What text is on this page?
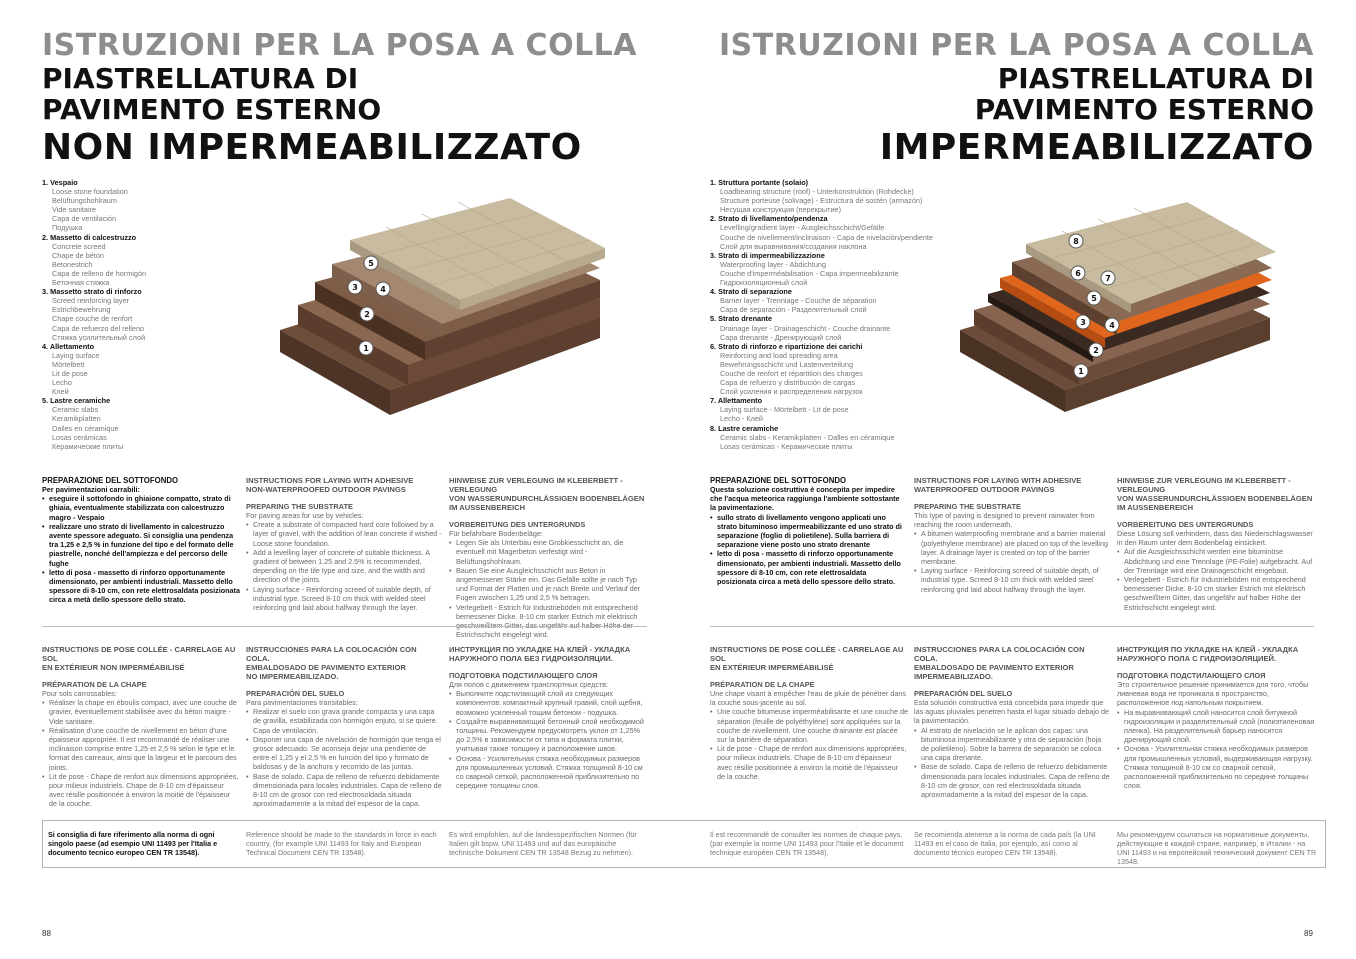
ISTRUZIONI PER LA POSA A COLLA
PIASTRELLATURA DI
PAVIMENTO ESTERNO
NON IMPERMEABILIZZATO
1. Vespaio
Loose stone foundation
Belüftungshohlraum
Vide sanitaire
Capa de ventilación
Подушка
2. Massetto di calcestruzzo
Concrete screed
Chape de béton
Betonestrich
Capa de relleno de hormigón
Бетонная стяжка
3. Massetto strato di rinforzo
Screed reinforcing layer
Estrichbewehrung
Chape couche de renfort
Capa de refuerzo del relleno
Стяжка усилительный слой
4. Allettamento
Laying surface
Mörtelbett
Lit de pose
Lecho
Клей
5. Lastre ceramiche
Ceramic slabs
Keramikplatten
Dalles en céramique
Losas cerámicas
Керамические плиты
5
3	4
2
1
PREPARAZIONE DEL SOTTOFONDO

Per pavimentazioni carrabili:

• eseguire il sottofondo in ghiaione compatto, strato di ghiaia, eventualmente stabilizzata con calcestruzzo magro - Vespaio
• realizzare uno strato di livellamento in calcestruzzo avente spessore adeguato. Si consiglia una pendenza tra 1,25 e 2,5 % in funzione del tipo e del formato delle piastrelle, nonché dell'ampiezza e del percorso delle fughe
• letto di posa - massetto di rinforzo opportunamente dimensionato, per ambienti industriali. Massetto dello spessore di 8-10 cm, con rete elettrosaldata posizionata circa a metà dello spessore dello strato.
INSTRUCTIONS FOR LAYING WITH ADHESIVE
NON-WATERPROOFED OUTDOOR PAVINGS
PREPARING THE SUBSTRATE

For paving areas for use by vehicles:

• Create a substrate of compacted hard core followed by a layer of gravel, with the addition of lean concrete if wished - Loose stone foundation.
• Add a levelling layer of concrete of suitable thickness. A gradient of between 1.25 and 2.5% is recommended, depending on the tile type and size, and the width and direction of the joints.
• Laying surface - Reinforcing screed of suitable depth, of industrial type. Screed 8-10 cm thick with welded steel reinforcing grid laid about halfway through the layer.
HINWEISE ZUR VERLEGUNG IM KLEBERBETT - VERLEGUNG
VON WASSERUNDURCHLÄSSIGEN BODENBELÄGEN
IM AUSSENBEREICH
VORBEREITUNG DES UNTERGRUNDS

Für befahrbare Bodenbeläge:

• Legen Sie als Unterbau eine Grobkiesschicht an, die eventuell mit Magerbeton verfestigt wird - Belüftungshohlraum.
• Bauen Sie eine Ausgleichsschicht aus Beton in angemessener Stärke ein. Das Gefälle sollte je nach Typ und Format der Platten und je nach Breite und Verlauf der Fugen zwischen 1,25 und 2,5 % betragen.
• Verlegebett - Estrich für Industrieböden mit entsprechend bemessener Dicke. 8-10 cm starker Estrich mit elektrisch geschweißtem Gitter, das ungefähr auf halber Höhe der Estrichschicht eingelegt wird.
INSTRUCTIONS DE POSE COLLÉE - CARRELAGE AU SOL
EN EXTÉRIEUR NON IMPERMÉABILISÉ
PRÉPARATION DE LA CHAPE

Pour sols carrossables:

• Réaliser la chape en éboulis compact, avec une couche de gravier, éventuellement stabilisée avec du béton maigre - Vide sanitaire.
• Réalisation d'une couche de nivellement en béton d'une épaisseur appropriée. Il est recommandé de réaliser une inclinaison comprise entre 1,25 et 2,5 % selon le type et le format des carreaux, ainsi que la largeur et le parcours des joints.
• Lit de pose - Chape de renfort aux dimensions appropriées, pour milieux industriels. Chape de 8-10 cm d'épaisseur avec résille positionnée à environ la moitié de l'épaisseur de la couche.
INSTRUCCIONES PARA LA COLOCACIÓN CON COLA.
EMBALDOSADO DE PAVIMENTO EXTERIOR
NO IMPERMEABILIZADO.
PREPARACIÓN DEL SUELO

Para pavimentaciones transitables:

• Realizar el suelo con grava grande compacta y una capa de gravilla, estabilizada con hormigón enjuto, si se quiere. Capa de ventilación.
• Disponer una capa de nivelación de hormigón que tenga el grosor adecuado. Se aconseja dejar una pendiente de entre el 1,25 y el 2,5 % en función del tipo y formato de baldosas y de la anchura y recorrido de las juntas.
• Base de solado. Capa de relleno de refuerzo debidamente dimensionada para locales industriales. Capa de relleno de 8-10 cm de grosor con red electrosoldada situada aproximadamente a la mitad del espesor de la capa.
ИНСТРУКЦИЯ ПО УКЛАДКЕ НА КЛЕЙ - УКЛАДКА
НАРУЖНОГО ПОЛА БЕЗ ГИДРОИЗОЛЯЦИИ.
ПОДГОТОВКА ПОДСТИЛАЮЩЕГО СЛОЯ

Для полов с движением транспортных средств:

• Выполните подстилающий слой из следующих компонентов: компактный крупный гравий, слой щебня, возможно усиленный тощим бетоном - подушка.
• Создайте выравнивающий бетонный слой необходимой толщины. Рекомендуем предусмотреть уклон от 1,25% до 2,5% в зависимости от типа и формата плитки, учитывая также толщину и расположение швов.
• Основа - Усилительная стяжка необходимых размеров для промышленных условий. Стяжка толщиной 8-10 см со сварной сеткой, расположенной приблизительно по середине толщины слоя.
ISTRUZIONI PER LA POSA A COLLA
PIASTRELLATURA DI
PAVIMENTO ESTERNO
IMPERMEABILIZZATO
1. Struttura portante (solaio)
Loadbearing structure (roof) - Unterkonstruktion (Rohdecke)
Structure porteuse (solivage) - Estructura de sostén (armazón)
Несущая конструкция (перекрытие)
2. Strato di livellamento/pendenza
Levelling/gradient layer - Ausgleichsschicht/Gefälle
Couche de nivellement/inclinaison - Capa de nivelación/pendiente
Слой для выравнивания/создания наклона
3. Strato di impermeabilizzazione
Waterproofing layer - Abdichtung
Couche d'imperméabilisation - Capa impermeabilizante
Гидроизоляционный слой
4. Strato di separazione
Barrier layer - Trennlage - Couche de séparation
Capa de separación - Разделительный слой
5. Strato drenante
Drainage layer - Drainageschicht - Couche drainante
Capa drenante - Дренирующий слой
6. Strato di rinforzo e ripartizione dei carichi
Reinforcing and load spreading area
Bewehrungsschicht und Lastenverteilung
Couche de renfort et répartition des charges
Capa de refuerzo y distribución de cargas
Слой усиления и распределения нагрузок
7. Allettamento
Laying surface - Mörtelbett - Lit de pose
Lecho - Клей
8. Lastre ceramiche
Ceramic slabs - Keramikplatten - Dalles en céramique
Losas cerámicas - Керамические плиты
8
6
7
5
3	4
2
1
PREPARAZIONE DEL SOTTOFONDO

Questa soluzione costruttiva è concepita per impedire che l'acqua meteorica raggiunga l'ambiente sottostante la pavimentazione.

• sullo strato di livellamento vengono applicati uno strato bituminoso impermeabilizzante ed uno strato di separazione (foglio di polietilene). Sulla barriera di separazione viene posto uno strato drenante
• letto di posa - massetto di rinforzo opportunamente dimensionato, per ambienti industriali. Massetto dello spessore di 8-10 cm, con rete elettrosaldata posizionata circa a metà dello spessore dello strato.
INSTRUCTIONS FOR LAYING WITH ADHESIVE
WATERPROOFED OUTDOOR PAVINGS
PREPARING THE SUBSTRATE

This type of paving is designed to prevent rainwater from reaching the room underneath.

• A bitumen waterproofing membrane and a barrier material (polyethylene membrane) are placed on top of the levelling layer. A drainage layer is created on top of the barrier membrane.
• Laying surface - Reinforcing screed of suitable depth, of industrial type. Screed 8-10 cm thick with welded steel reinforcing grid laid about halfway through the layer.
HINWEISE ZUR VERLEGUNG IM KLEBERBETT - VERLEGUNG
VON WASSERUNDURCHLÄSSIGEN BODENBELÄGEN
IM AUSSENBEREICH
VORBEREITUNG DES UNTERGRUNDS

Diese Lösung soll verhindern, dass das Niederschlagswasser in den Raum unter dem Bodenbelag einsickert.

• Auf die Ausgleichsschicht werden eine bituminöse Abdichtung und eine Trennlage (PE-Folie) aufgebracht. Auf der Trennlage wird eine Drainageschicht eingebaut.
• Verlegebett - Estrich für Industrieböden mit entsprechend bemessener Dicke. 8-10 cm starker Estrich mit elektrisch geschweißtem Gitter, das ungefähr auf halber Höhe der Estrichschicht eingelegt wird.
INSTRUCTIONS DE POSE COLLÉE - CARRELAGE AU SOL
EN EXTÉRIEUR IMPERMÉABILISÉ
PRÉPARATION DE LA CHAPE

Une chape visant à empêcher l'eau de pluie de pénétrer dans la couche sous-jacente au sol.

• Une couche bitumeuse imperméabilisante et une couche de séparation (feuille de polyéthylène) sont appliquées sur la couche de nivellement. Une couche drainante est placée sur la barrière de séparation.
• Lit de pose - Chape de renfort aux dimensions appropriées, pour milieux industriels. Chape de 8-10 cm d'épaisseur avec résille positionnée à environ la moitié de l'épaisseur de la couche.
INSTRUCCIONES PARA LA COLOCACIÓN CON COLA.
EMBALDOSADO DE PAVIMENTO EXTERIOR
IMPERMEABILIZADO.
PREPARACIÓN DEL SUELO

Esta solución constructiva está concebida para impedir que las aguas pluviales penetren hasta el lugar situado debajo de la pavimentación.

• Al estrato de nivelación se le aplican dos capas: una bituminosa impermeabilizante y otra de separación (hoja de polietileno). Sobre la barrera de separación se coloca una capa drenante.
• Base de solado. Capa de relleno de refuerzo debidamente dimensionada para locales industriales. Capa de relleno de 8-10 cm de grosor, con red electrosoldada situada aproximadamente a la mitad del espesor de la capa.
ИНСТРУКЦИЯ ПО УКЛАДКЕ НА КЛЕЙ - УКЛАДКА
НАРУЖНОГО ПОЛА С ГИДРОИЗОЛЯЦИЕЙ.
ПОДГОТОВКА ПОДСТИЛАЮЩЕГО СЛОЯ

Это строительное решение принимается для того, чтобы ливневая вода не проникала в пространство, расположенное под напольным покрытием.

• На выравнивающий слой наносится слой битумной гидроизоляции и разделительный слой (полиэтиленовая пленка). На разделительный барьер наносится дренирующий слой.
• Основа - Усилительная стяжка необходимых размеров для промышленных условий, выдерживающая нагрузку. Стяжка толщиной 8-10 см со сварной сеткой, расположенной приблизительно по середине толщины слоя.
Si consiglia di fare riferimento alla norma di ogni singolo paese (ad esempio UNI 11493 per l'Italia e documento tecnico europeo CEN TR 13548).
Reference should be made to the standards in force in each country, (for example UNI 11493 for Italy and European Technical Document CEN TR 13548).
Es wird empfohlen, auf die landesspezifischen Normen (für Italien gilt bspw. UNI 11493 und auf das europäische technische Dokument CEN TR 13548 Bezug zu nehmen).
Il est recommandé de consulter les normes de chaque pays, (par exemple la norme UNI 11493 pour l'Italie et le document technique européen CEN TR 13548).
Se recomienda atenerse a la norma de cada país (la UNI 11493 en el caso de Italia, por ejemplo, así como al documento técnico europeo CEN TR 13548).
Мы рекомендуем ссылаться на нормативные документы, действующие в каждой стране, например, в Италии - на UNI 11493 и на европейский технический документ CEN TR 13548.
88	89
